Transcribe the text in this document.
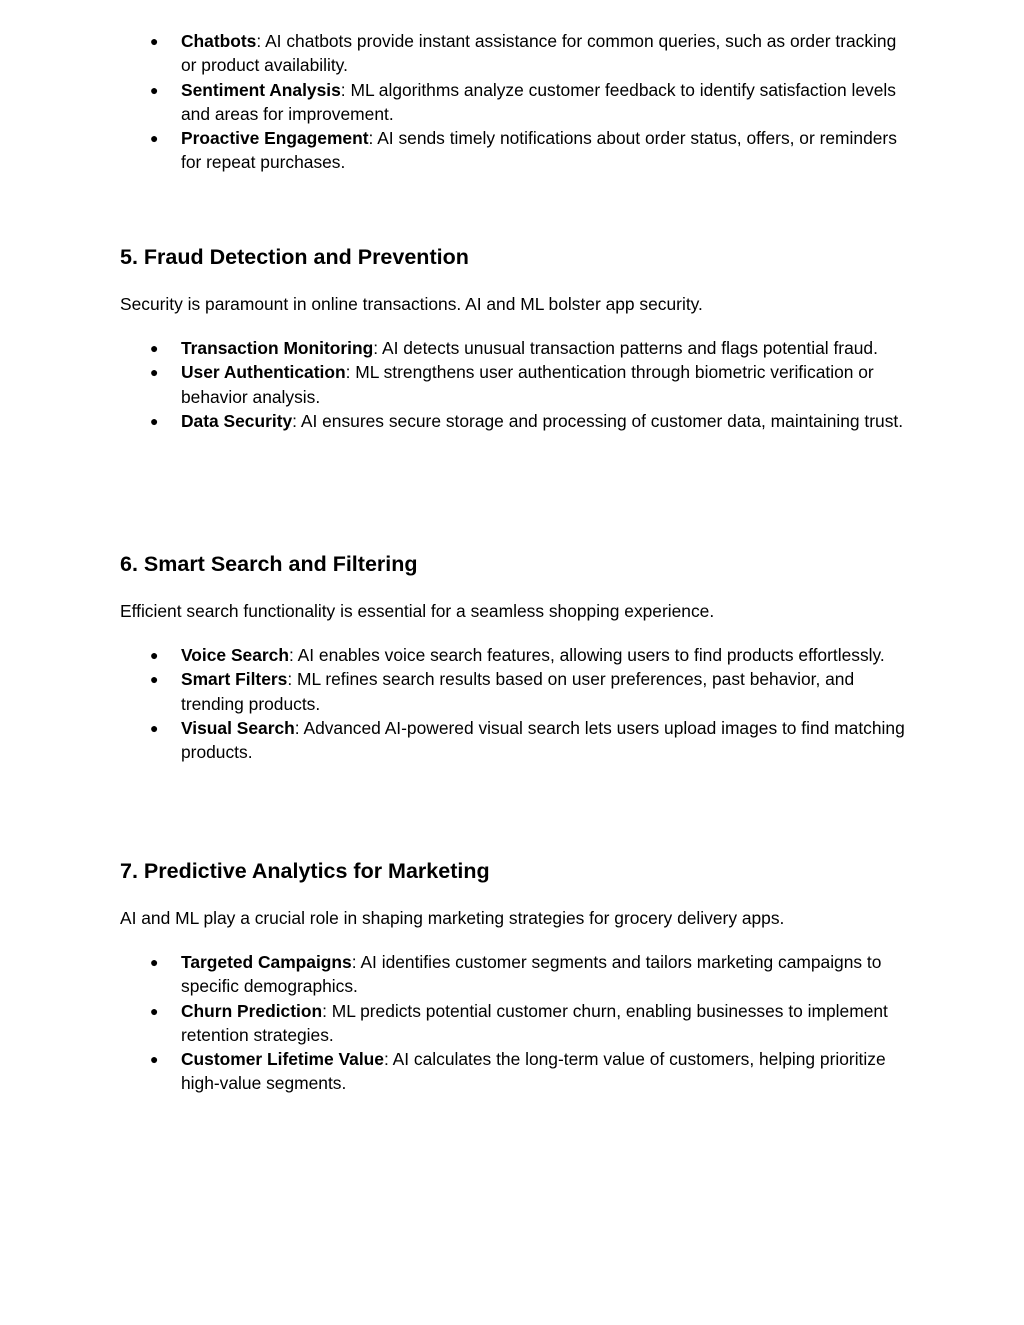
● Chatbots: AI chatbots provide instant assistance for common queries, such as order tracking or product availability.
● Sentiment Analysis: ML algorithms analyze customer feedback to identify satisfaction levels and areas for improvement.
● Proactive Engagement: AI sends timely notifications about order status, offers, or reminders for repeat purchases.
5. Fraud Detection and Prevention

Security is paramount in online transactions. AI and ML bolster app security.

● Transaction Monitoring: AI detects unusual transaction patterns and flags potential fraud.
● User Authentication: ML strengthens user authentication through biometric verification or behavior analysis.
● Data Security: AI ensures secure storage and processing of customer data, maintaining trust.
6. Smart Search and Filtering

Efficient search functionality is essential for a seamless shopping experience.

● Voice Search: AI enables voice search features, allowing users to find products effortlessly.
● Smart Filters: ML refines search results based on user preferences, past behavior, and trending products.
● Visual Search: Advanced AI-powered visual search lets users upload images to find matching products.
7. Predictive Analytics for Marketing

AI and ML play a crucial role in shaping marketing strategies for grocery delivery apps.

● Targeted Campaigns: AI identifies customer segments and tailors marketing campaigns to specific demographics.
● Churn Prediction: ML predicts potential customer churn, enabling businesses to implement retention strategies.
● Customer Lifetime Value: AI calculates the long-term value of customers, helping prioritize high-value segments.
